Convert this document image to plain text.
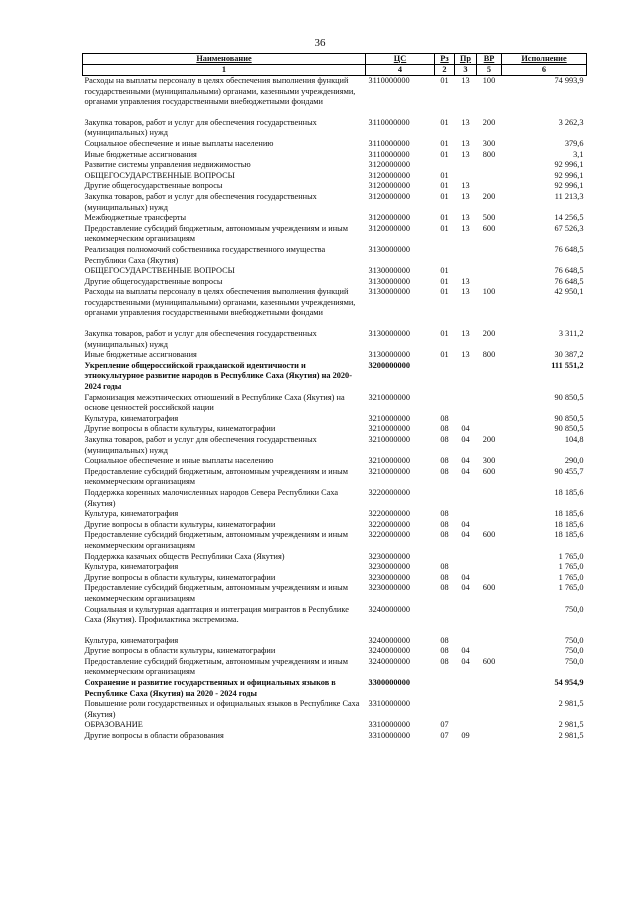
36
Наименование	ЦС	Рз	Пр	ВР	Исполнение
1	4	2	3	5	6
Расходы на выплаты персоналу в целях обеспечения выполнения функций государственными (муниципальными) органами, казенными учреждениями, органами управления государственными внебюджетными фондами	3110000000	01	13	100	74 993,9
Закупка товаров, работ и услуг для обеспечения государственных (муниципальных) нужд	3110000000	01	13	200	3 262,3
Социальное обеспечение и иные выплаты населению	3110000000	01	13	300	379,6
Иные бюджетные ассигнования	3110000000	01	13	800	3,1
Развитие системы управления недвижимостью	3120000000				92 996,1
ОБЩЕГОСУДАРСТВЕННЫЕ ВОПРОСЫ	3120000000	01			92 996,1
Другие общегосударственные вопросы	3120000000	01	13		92 996,1
Закупка товаров, работ и услуг для обеспечения государственных (муниципальных) нужд	3120000000	01	13	200	11 213,3
Межбюджетные трансферты	3120000000	01	13	500	14 256,5
Предоставление субсидий бюджетным, автономным учреждениям и иным некоммерческим организациям	3120000000	01	13	600	67 526,3
Реализация полномочий собственника государственного имущества Республики Саха (Якутия)	3130000000				76 648,5
ОБЩЕГОСУДАРСТВЕННЫЕ ВОПРОСЫ	3130000000	01			76 648,5
Другие общегосударственные вопросы	3130000000	01	13		76 648,5
Расходы на выплаты персоналу в целях обеспечения выполнения функций государственными (муниципальными) органами, казенными учреждениями, органами управления государственными внебюджетными фондами	3130000000	01	13	100	42 950,1
Закупка товаров, работ и услуг для обеспечения государственных (муниципальных) нужд	3130000000	01	13	200	3 311,2
Иные бюджетные ассигнования	3130000000	01	13	800	30 387,2
Укрепление общероссийской гражданской идентичности и этнокультурное развитие народов в Республике Саха (Якутия) на 2020-2024 годы	3200000000				111 551,2
Гармонизация межэтнических отношений в Республике Саха (Якутия) на основе ценностей российской нации	3210000000				90 850,5
Культура, кинематография	3210000000	08			90 850,5
Другие вопросы в области культуры, кинематографии	3210000000	08	04		90 850,5
Закупка товаров, работ и услуг для обеспечения государственных (муниципальных) нужд	3210000000	08	04	200	104,8
Социальное обеспечение и иные выплаты населению	3210000000	08	04	300	290,0
Предоставление субсидий бюджетным, автономным учреждениям и иным некоммерческим организациям	3210000000	08	04	600	90 455,7
Поддержка коренных малочисленных народов Севера Республики Саха (Якутия)	3220000000				18 185,6
Культура, кинематография	3220000000	08			18 185,6
Другие вопросы в области культуры, кинематографии	3220000000	08	04		18 185,6
Предоставление субсидий бюджетным, автономным учреждениям и иным некоммерческим организациям	3220000000	08	04	600	18 185,6
Поддержка казачьих обществ Республики Саха (Якутия)	3230000000				1 765,0
Культура, кинематография	3230000000	08			1 765,0
Другие вопросы в области культуры, кинематографии	3230000000	08	04		1 765,0
Предоставление субсидий бюджетным, автономным учреждениям и иным некоммерческим организациям	3230000000	08	04	600	1 765,0
Социальная и культурная адаптация и интеграция мигрантов в Республике Саха (Якутия). Профилактика экстремизма.	3240000000				750,0
Культура, кинематография	3240000000	08			750,0
Другие вопросы в области культуры, кинематографии	3240000000	08	04		750,0
Предоставление субсидий бюджетным, автономным учреждениям и иным некоммерческим организациям	3240000000	08	04	600	750,0
Сохранение и развитие государственных и официальных языков в Республике Саха (Якутия) на 2020 - 2024 годы	3300000000				54 954,9
Повышение роли государственных и официальных языков в Республике Саха (Якутия)	3310000000				2 981,5
ОБРАЗОВАНИЕ	3310000000	07			2 981,5
Другие вопросы в области образования	3310000000	07	09		2 981,5
